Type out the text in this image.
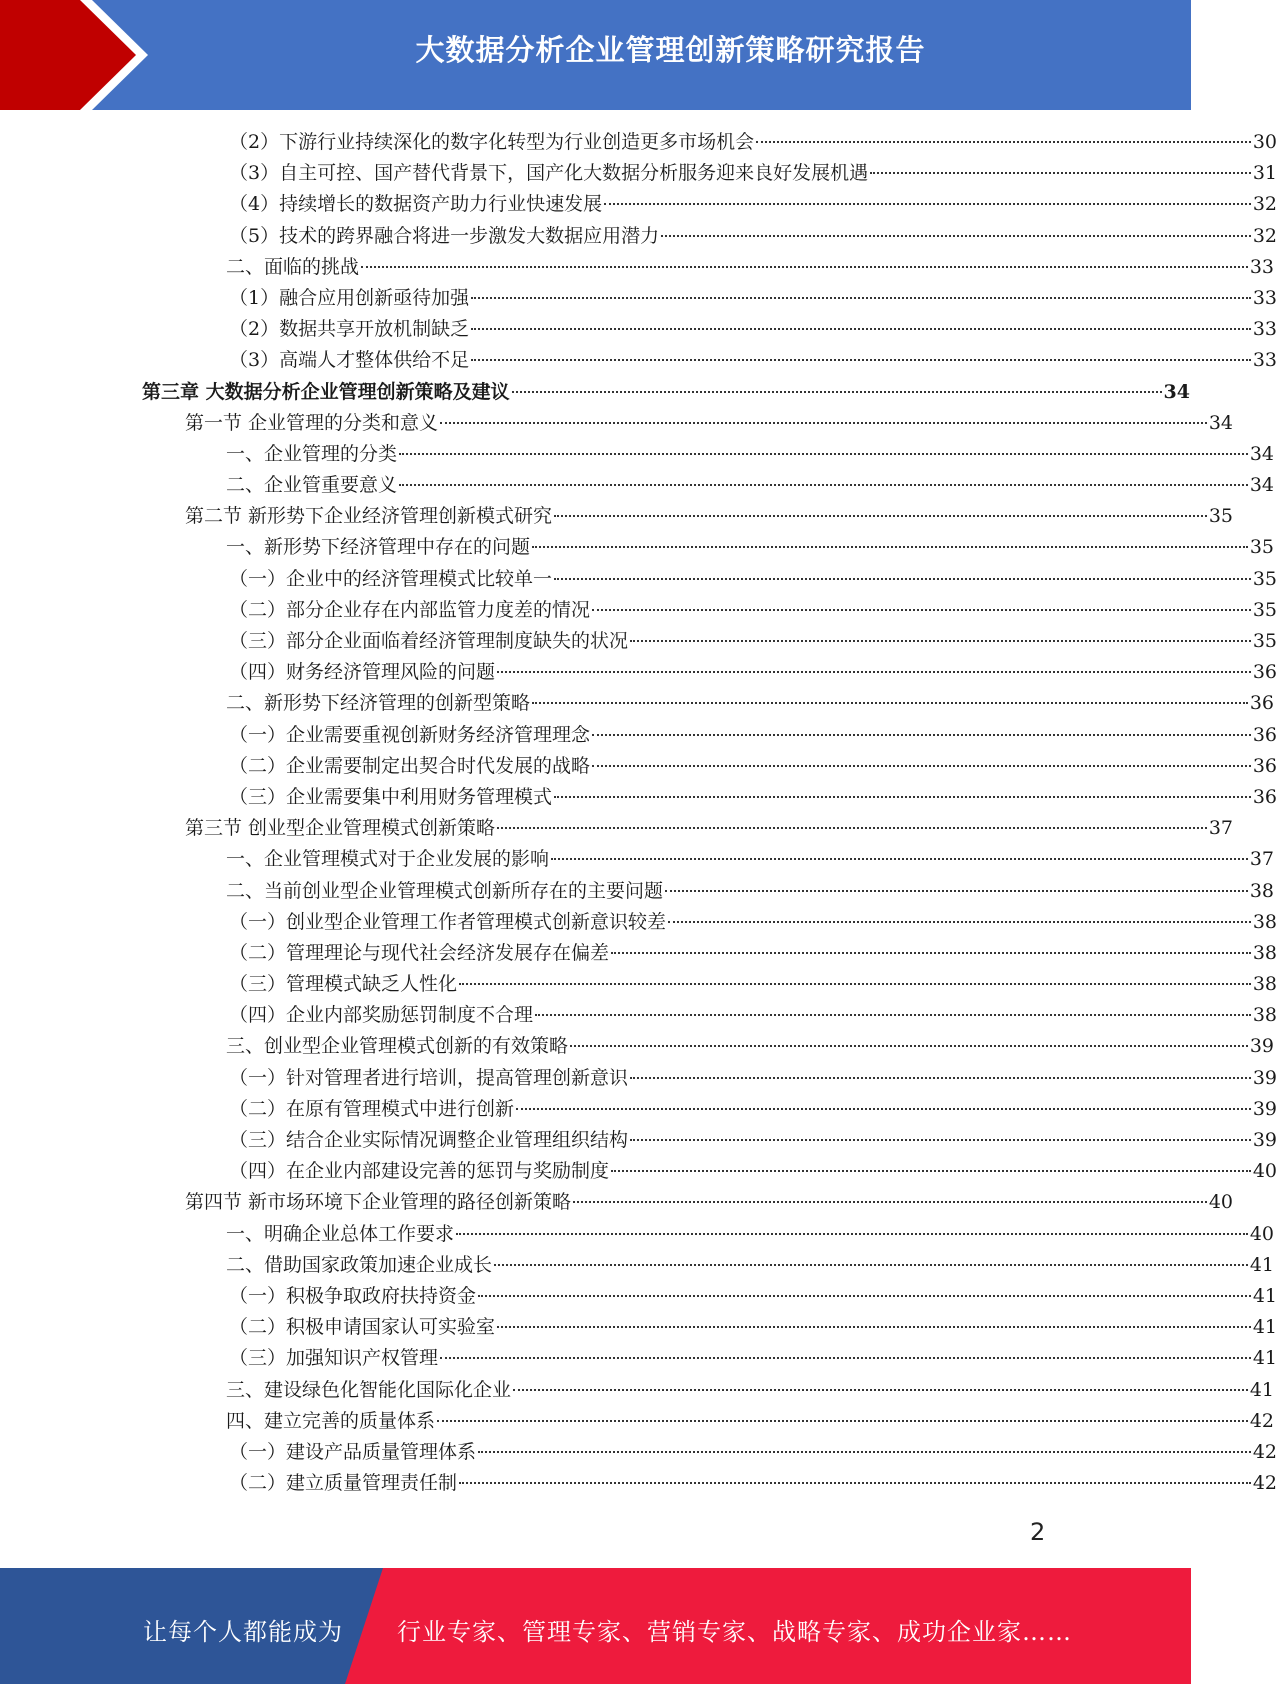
大数据分析企业管理创新策略研究报告
（2）下游行业持续深化的数字化转型为行业创造更多市场机会	30
（3）自主可控、国产替代背景下，国产化大数据分析服务迎来良好发展机遇	31
（4）持续增长的数据资产助力行业快速发展	32
（5）技术的跨界融合将进一步激发大数据应用潜力	32
二、面临的挑战	33
（1）融合应用创新亟待加强	33
（2）数据共享开放机制缺乏	33
（3）高端人才整体供给不足	33
第三章 大数据分析企业管理创新策略及建议	34
第一节 企业管理的分类和意义	34
一、企业管理的分类	34
二、企业管重要意义	34
第二节 新形势下企业经济管理创新模式研究	35
一、新形势下经济管理中存在的问题	35
（一）企业中的经济管理模式比较单一	35
（二）部分企业存在内部监管力度差的情况	35
（三）部分企业面临着经济管理制度缺失的状况	35
（四）财务经济管理风险的问题	36
二、新形势下经济管理的创新型策略	36
（一）企业需要重视创新财务经济管理理念	36
（二）企业需要制定出契合时代发展的战略	36
（三）企业需要集中利用财务管理模式	36
第三节 创业型企业管理模式创新策略	37
一、企业管理模式对于企业发展的影响	37
二、当前创业型企业管理模式创新所存在的主要问题	38
（一）创业型企业管理工作者管理模式创新意识较差	38
（二）管理理论与现代社会经济发展存在偏差	38
（三）管理模式缺乏人性化	38
（四）企业内部奖励惩罚制度不合理	38
三、创业型企业管理模式创新的有效策略	39
（一）针对管理者进行培训，提高管理创新意识	39
（二）在原有管理模式中进行创新	39
（三）结合企业实际情况调整企业管理组织结构	39
（四）在企业内部建设完善的惩罚与奖励制度	40
第四节 新市场环境下企业管理的路径创新策略	40
一、明确企业总体工作要求	40
二、借助国家政策加速企业成长	41
（一）积极争取政府扶持资金	41
（二）积极申请国家认可实验室	41
（三）加强知识产权管理	41
三、建设绿色化智能化国际化企业	41
四、建立完善的质量体系	42
（一）建设产品质量管理体系	42
（二）建立质量管理责任制	42
2
让每个人都能成为 行业专家、管理专家、营销专家、战略专家、成功企业家……
